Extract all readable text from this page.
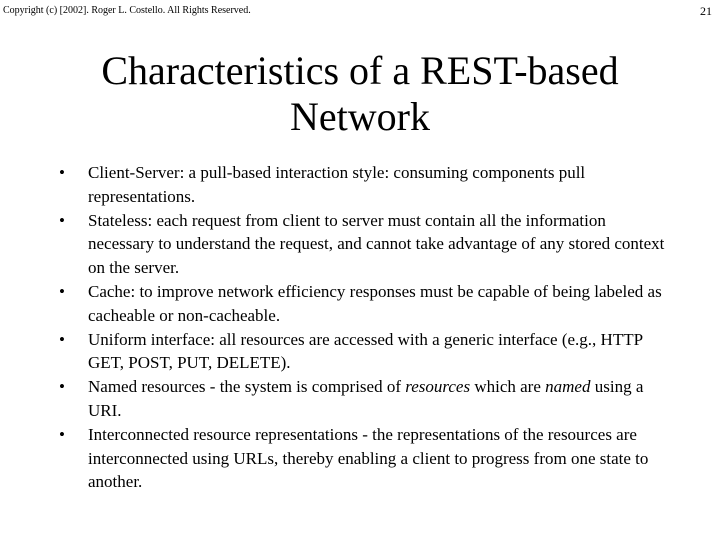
Copyright (c) [2002]. Roger L. Costello. All Rights Reserved.	21
Characteristics of a REST-based
Network
• Client-Server: a pull-based interaction style: consuming components pull representations.
• Stateless: each request from client to server must contain all the information necessary to understand the request, and cannot take advantage of any stored context on the server.
• Cache: to improve network efficiency responses must be capable of being labeled as cacheable or non-cacheable.
• Uniform interface: all resources are accessed with a generic interface (e.g., HTTP GET, POST, PUT, DELETE).
• Named resources - the system is comprised of resources which are named using a URI.
• Interconnected resource representations - the representations of the resources are interconnected using URLs, thereby enabling a client to progress from one state to another.
